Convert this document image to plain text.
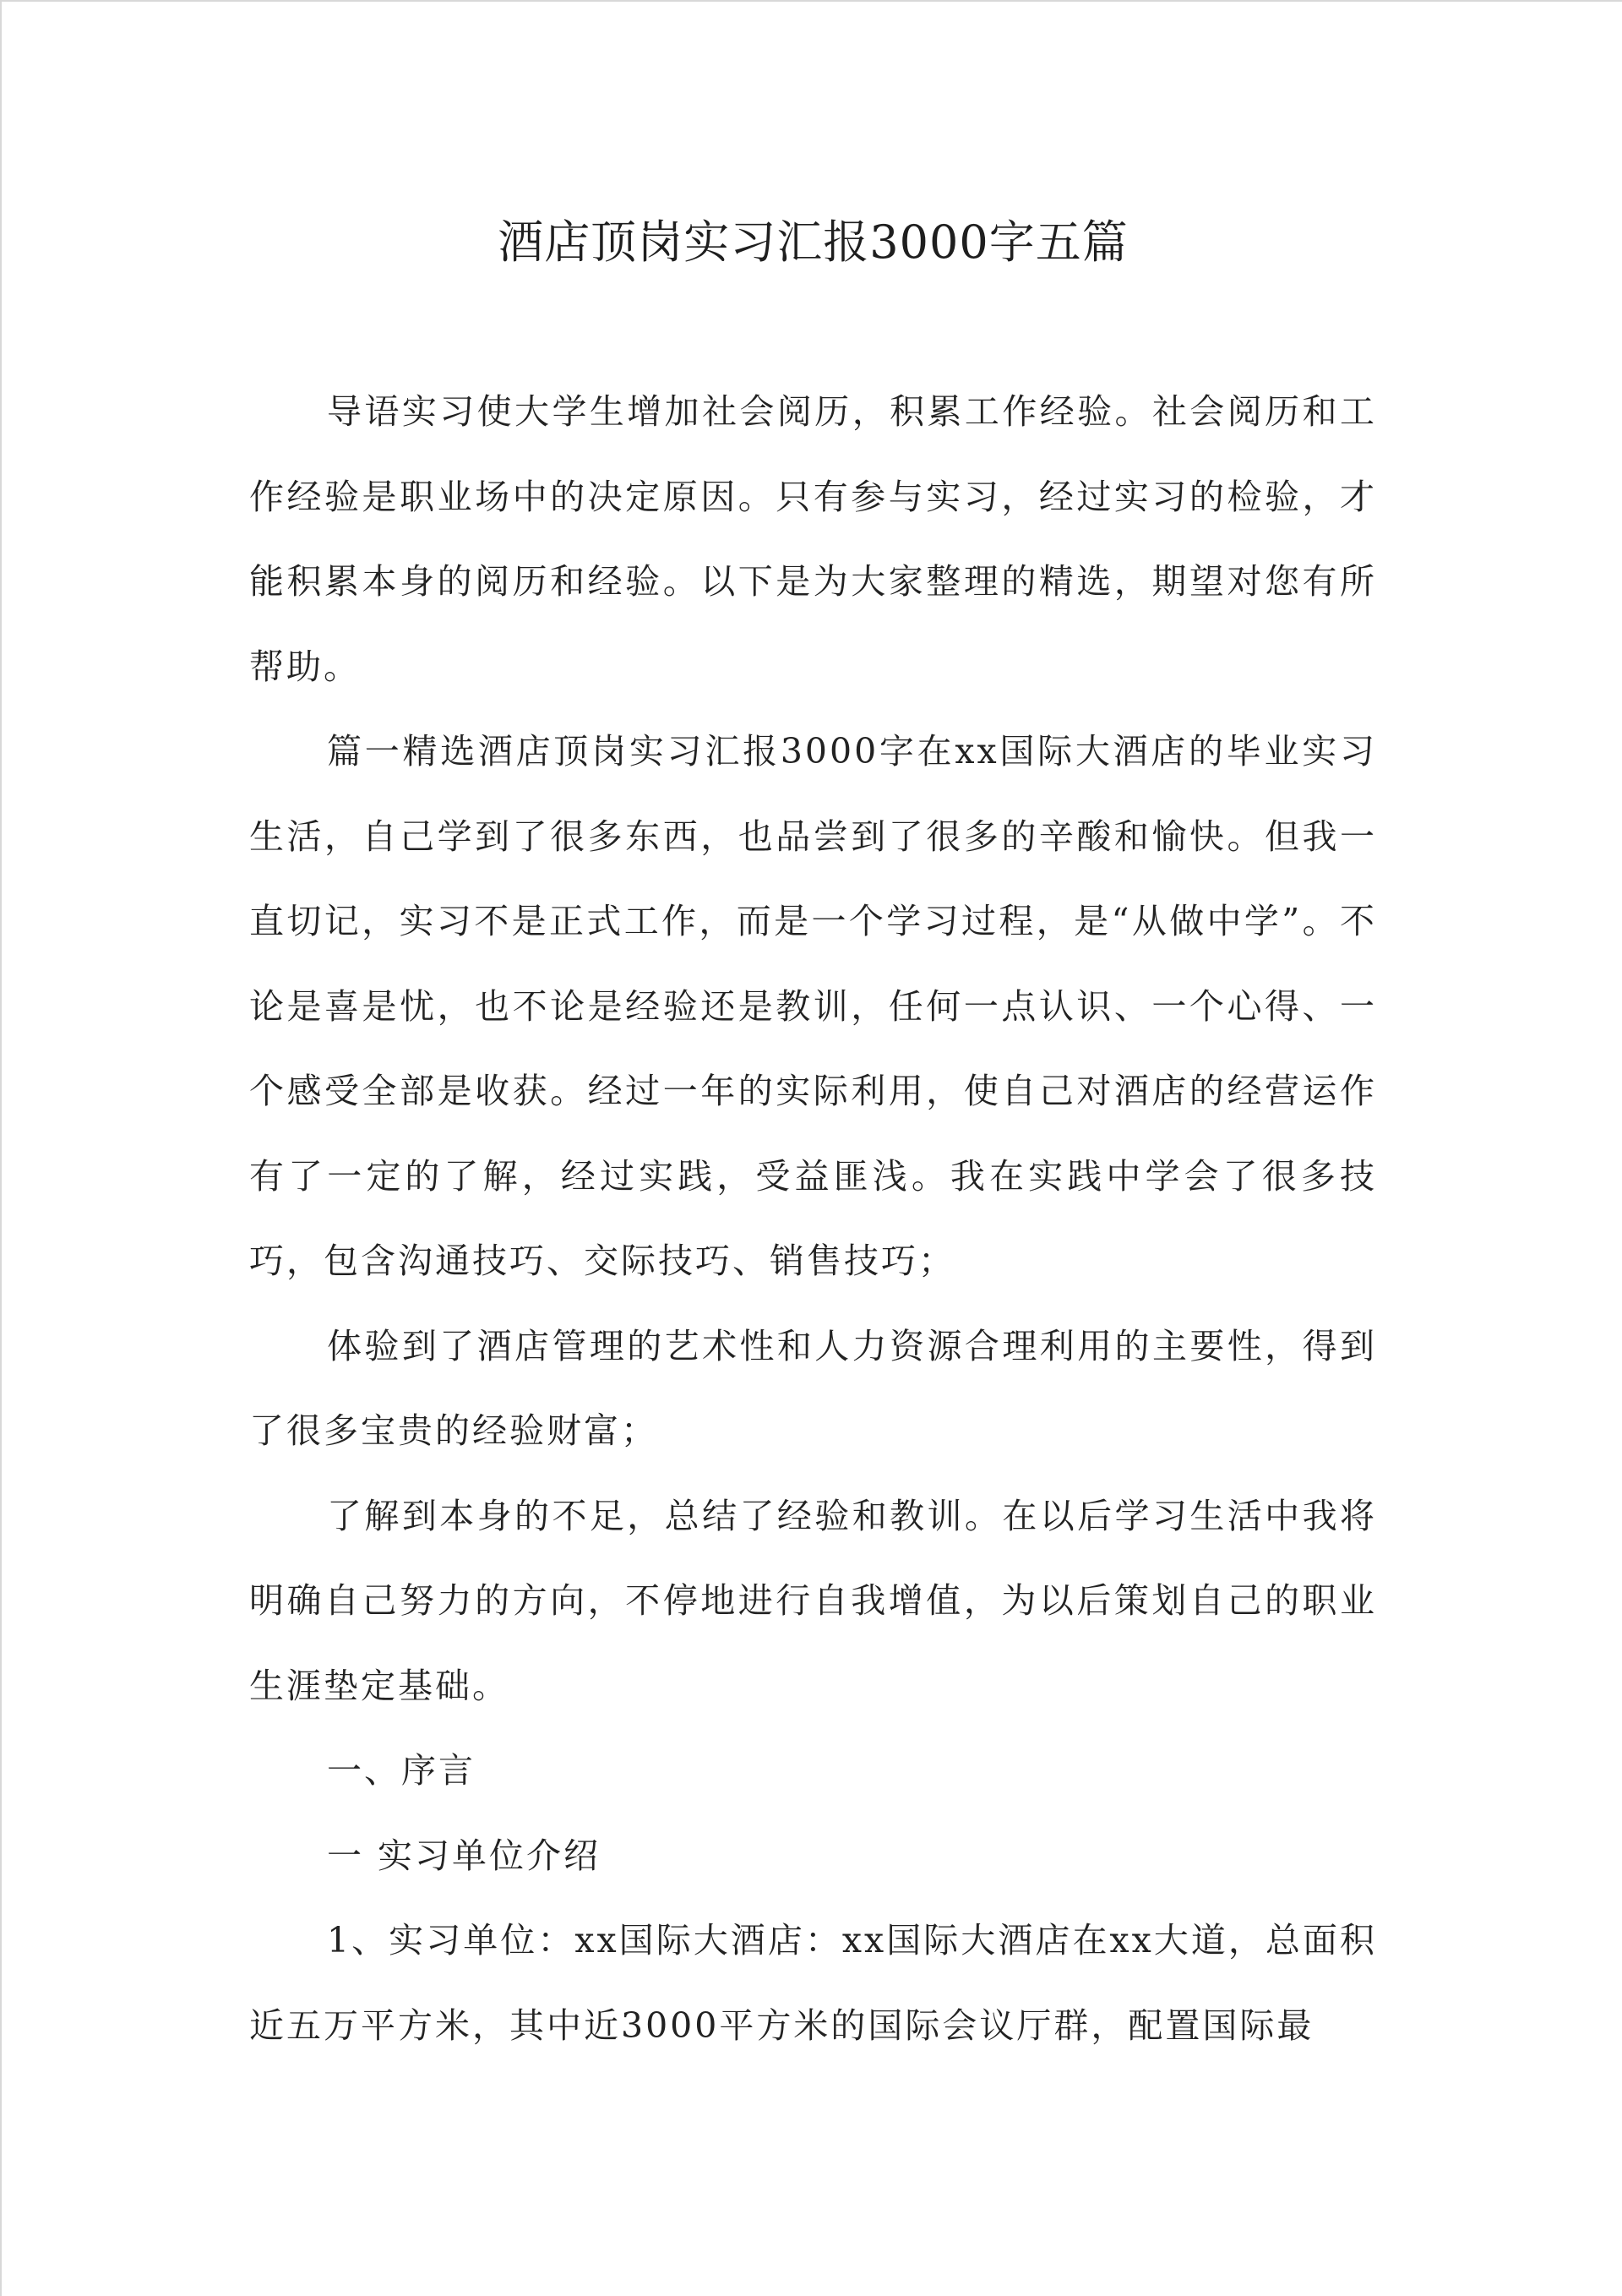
酒店顶岗实习汇报3000字五篇

导语实习使大学生增加社会阅历，积累工作经验。社会阅历和工作经验是职业场中的决定原因。只有参与实习，经过实习的检验，才能积累本身的阅历和经验。以下是为大家整理的精选，期望对您有所帮助。

篇一精选酒店顶岗实习汇报3000字在xx国际大酒店的毕业实习生活，自己学到了很多东西，也品尝到了很多的辛酸和愉快。但我一直切记，实习不是正式工作，而是一个学习过程，是“从做中学”。不论是喜是忧，也不论是经验还是教训，任何一点认识、一个心得、一个感受全部是收获。经过一年的实际利用，使自己对酒店的经营运作有了一定的了解，经过实践，受益匪浅。我在实践中学会了很多技巧，包含沟通技巧、交际技巧、销售技巧；

体验到了酒店管理的艺术性和人力资源合理利用的主要性，得到了很多宝贵的经验财富；

了解到本身的不足，总结了经验和教训。在以后学习生活中我将明确自己努力的方向，不停地进行自我增值，为以后策划自己的职业生涯垫定基础。

一、序言

一 实习单位介绍

1、实习单位：xx国际大酒店：xx国际大酒店在xx大道，总面积近五万平方米，其中近3000平方米的国际会议厅群，配置国际最
